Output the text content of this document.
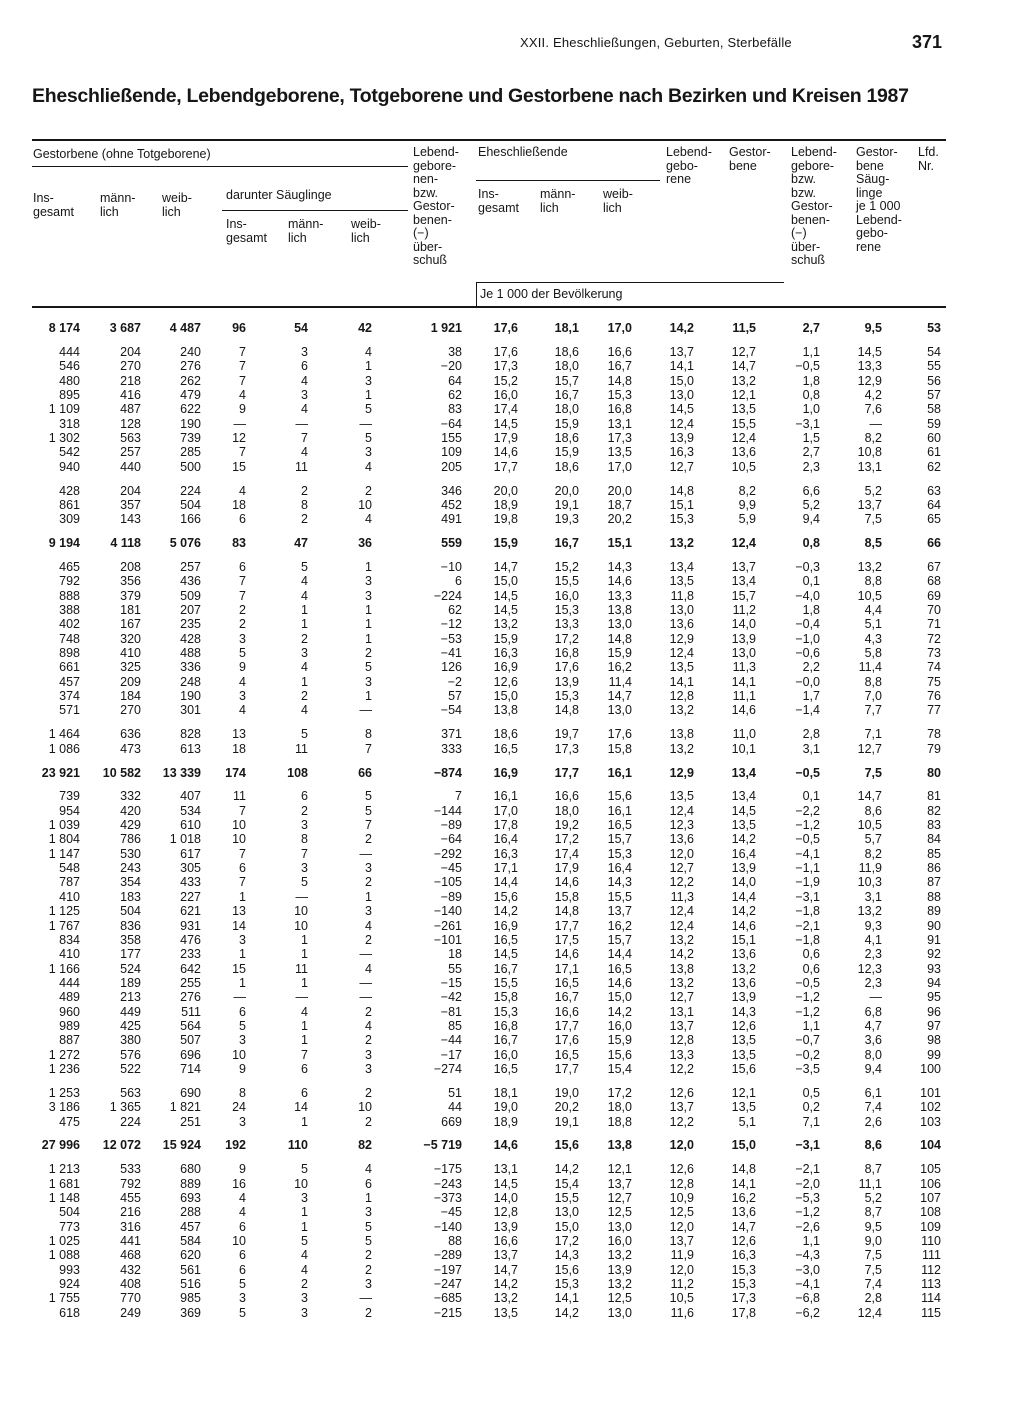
XXII. Eheschließungen, Geburten, Sterbefälle	371
Eheschließende, Lebendgeborene, Totgeborene und Gestorbene nach Bezirken und Kreisen 1987
Gestorbene (ohne Totgeborene)
Ins-
gesamt
männ-
lich
weib-
lich
darunter Säuglinge
Ins-
gesamt
männ-
lich
weib-
lich
Lebend-
gebore-
nen-
bzw.
Gestor-
benen-
(−)
über-
schuß
Eheschließende
Ins-
gesamt
männ-
lich
weib-
lich
Lebend-
gebo-
rene
Gestor-
bene
Lebend-
gebore-
bzw.
bzw.
Gestor-
benen-
(−)
über-
schuß
Gestor-
bene
Säug-
linge
je 1 000
Lebend-
gebo-
rene
Lfd.
Nr.
Je 1 000 der Bevölkerung
8 174	3 687	4 487	96	54	42	1 921	17,6	18,1	17,0	14,2	11,5	2,7	9,5	53
444	204	240	7	3	4	38	17,6	18,6	16,6	13,7	12,7	1,1	14,5	54
546	270	276	7	6	1	−20	17,3	18,0	16,7	14,1	14,7	−0,5	13,3	55
480	218	262	7	4	3	64	15,2	15,7	14,8	15,0	13,2	1,8	12,9	56
895	416	479	4	3	1	62	16,0	16,7	15,3	13,0	12,1	0,8	4,2	57
1 109	487	622	9	4	5	83	17,4	18,0	16,8	14,5	13,5	1,0	7,6	58
318	128	190	—	—	—	−64	14,5	15,9	13,1	12,4	15,5	−3,1	—	59
1 302	563	739	12	7	5	155	17,9	18,6	17,3	13,9	12,4	1,5	8,2	60
542	257	285	7	4	3	109	14,6	15,9	13,5	16,3	13,6	2,7	10,8	61
940	440	500	15	11	4	205	17,7	18,6	17,0	12,7	10,5	2,3	13,1	62
428	204	224	4	2	2	346	20,0	20,0	20,0	14,8	8,2	6,6	5,2	63
861	357	504	18	8	10	452	18,9	19,1	18,7	15,1	9,9	5,2	13,7	64
309	143	166	6	2	4	491	19,8	19,3	20,2	15,3	5,9	9,4	7,5	65
9 194	4 118	5 076	83	47	36	559	15,9	16,7	15,1	13,2	12,4	0,8	8,5	66
465	208	257	6	5	1	−10	14,7	15,2	14,3	13,4	13,7	−0,3	13,2	67
792	356	436	7	4	3	6	15,0	15,5	14,6	13,5	13,4	0,1	8,8	68
888	379	509	7	4	3	−224	14,5	16,0	13,3	11,8	15,7	−4,0	10,5	69
388	181	207	2	1	1	62	14,5	15,3	13,8	13,0	11,2	1,8	4,4	70
402	167	235	2	1	1	−12	13,2	13,3	13,0	13,6	14,0	−0,4	5,1	71
748	320	428	3	2	1	−53	15,9	17,2	14,8	12,9	13,9	−1,0	4,3	72
898	410	488	5	3	2	−41	16,3	16,8	15,9	12,4	13,0	−0,6	5,8	73
661	325	336	9	4	5	126	16,9	17,6	16,2	13,5	11,3	2,2	11,4	74
457	209	248	4	1	3	−2	12,6	13,9	11,4	14,1	14,1	−0,0	8,8	75
374	184	190	3	2	1	57	15,0	15,3	14,7	12,8	11,1	1,7	7,0	76
571	270	301	4	4	—	−54	13,8	14,8	13,0	13,2	14,6	−1,4	7,7	77
1 464	636	828	13	5	8	371	18,6	19,7	17,6	13,8	11,0	2,8	7,1	78
1 086	473	613	18	11	7	333	16,5	17,3	15,8	13,2	10,1	3,1	12,7	79
23 921	10 582	13 339	174	108	66	−874	16,9	17,7	16,1	12,9	13,4	−0,5	7,5	80
739	332	407	11	6	5	7	16,1	16,6	15,6	13,5	13,4	0,1	14,7	81
954	420	534	7	2	5	−144	17,0	18,0	16,1	12,4	14,5	−2,2	8,6	82
1 039	429	610	10	3	7	−89	17,8	19,2	16,5	12,3	13,5	−1,2	10,5	83
1 804	786	1 018	10	8	2	−64	16,4	17,2	15,7	13,6	14,2	−0,5	5,7	84
1 147	530	617	7	7	—	−292	16,3	17,4	15,3	12,0	16,4	−4,1	8,2	85
548	243	305	6	3	3	−45	17,1	17,9	16,4	12,7	13,9	−1,1	11,9	86
787	354	433	7	5	2	−105	14,4	14,6	14,3	12,2	14,0	−1,9	10,3	87
410	183	227	1	—	1	−89	15,6	15,8	15,5	11,3	14,4	−3,1	3,1	88
1 125	504	621	13	10	3	−140	14,2	14,8	13,7	12,4	14,2	−1,8	13,2	89
1 767	836	931	14	10	4	−261	16,9	17,7	16,2	12,4	14,6	−2,1	9,3	90
834	358	476	3	1	2	−101	16,5	17,5	15,7	13,2	15,1	−1,8	4,1	91
410	177	233	1	1	—	18	14,5	14,6	14,4	14,2	13,6	0,6	2,3	92
1 166	524	642	15	11	4	55	16,7	17,1	16,5	13,8	13,2	0,6	12,3	93
444	189	255	1	1	—	−15	15,5	16,5	14,6	13,2	13,6	−0,5	2,3	94
489	213	276	—	—	—	−42	15,8	16,7	15,0	12,7	13,9	−1,2	—	95
960	449	511	6	4	2	−81	15,3	16,6	14,2	13,1	14,3	−1,2	6,8	96
989	425	564	5	1	4	85	16,8	17,7	16,0	13,7	12,6	1,1	4,7	97
887	380	507	3	1	2	−44	16,7	17,6	15,9	12,8	13,5	−0,7	3,6	98
1 272	576	696	10	7	3	−17	16,0	16,5	15,6	13,3	13,5	−0,2	8,0	99
1 236	522	714	9	6	3	−274	16,5	17,7	15,4	12,2	15,6	−3,5	9,4	100
1 253	563	690	8	6	2	51	18,1	19,0	17,2	12,6	12,1	0,5	6,1	101
3 186	1 365	1 821	24	14	10	44	19,0	20,2	18,0	13,7	13,5	0,2	7,4	102
475	224	251	3	1	2	669	18,9	19,1	18,8	12,2	5,1	7,1	2,6	103
27 996	12 072	15 924	192	110	82	−5 719	14,6	15,6	13,8	12,0	15,0	−3,1	8,6	104
1 213	533	680	9	5	4	−175	13,1	14,2	12,1	12,6	14,8	−2,1	8,7	105
1 681	792	889	16	10	6	−243	14,5	15,4	13,7	12,8	14,1	−2,0	11,1	106
1 148	455	693	4	3	1	−373	14,0	15,5	12,7	10,9	16,2	−5,3	5,2	107
504	216	288	4	1	3	−45	12,8	13,0	12,5	12,5	13,6	−1,2	8,7	108
773	316	457	6	1	5	−140	13,9	15,0	13,0	12,0	14,7	−2,6	9,5	109
1 025	441	584	10	5	5	88	16,6	17,2	16,0	13,7	12,6	1,1	9,0	110
1 088	468	620	6	4	2	−289	13,7	14,3	13,2	11,9	16,3	−4,3	7,5	111
993	432	561	6	4	2	−197	14,7	15,6	13,9	12,0	15,3	−3,0	7,5	112
924	408	516	5	2	3	−247	14,2	15,3	13,2	11,2	15,3	−4,1	7,4	113
1 755	770	985	3	3	—	−685	13,2	14,1	12,5	10,5	17,3	−6,8	2,8	114
618	249	369	5	3	2	−215	13,5	14,2	13,0	11,6	17,8	−6,2	12,4	115
